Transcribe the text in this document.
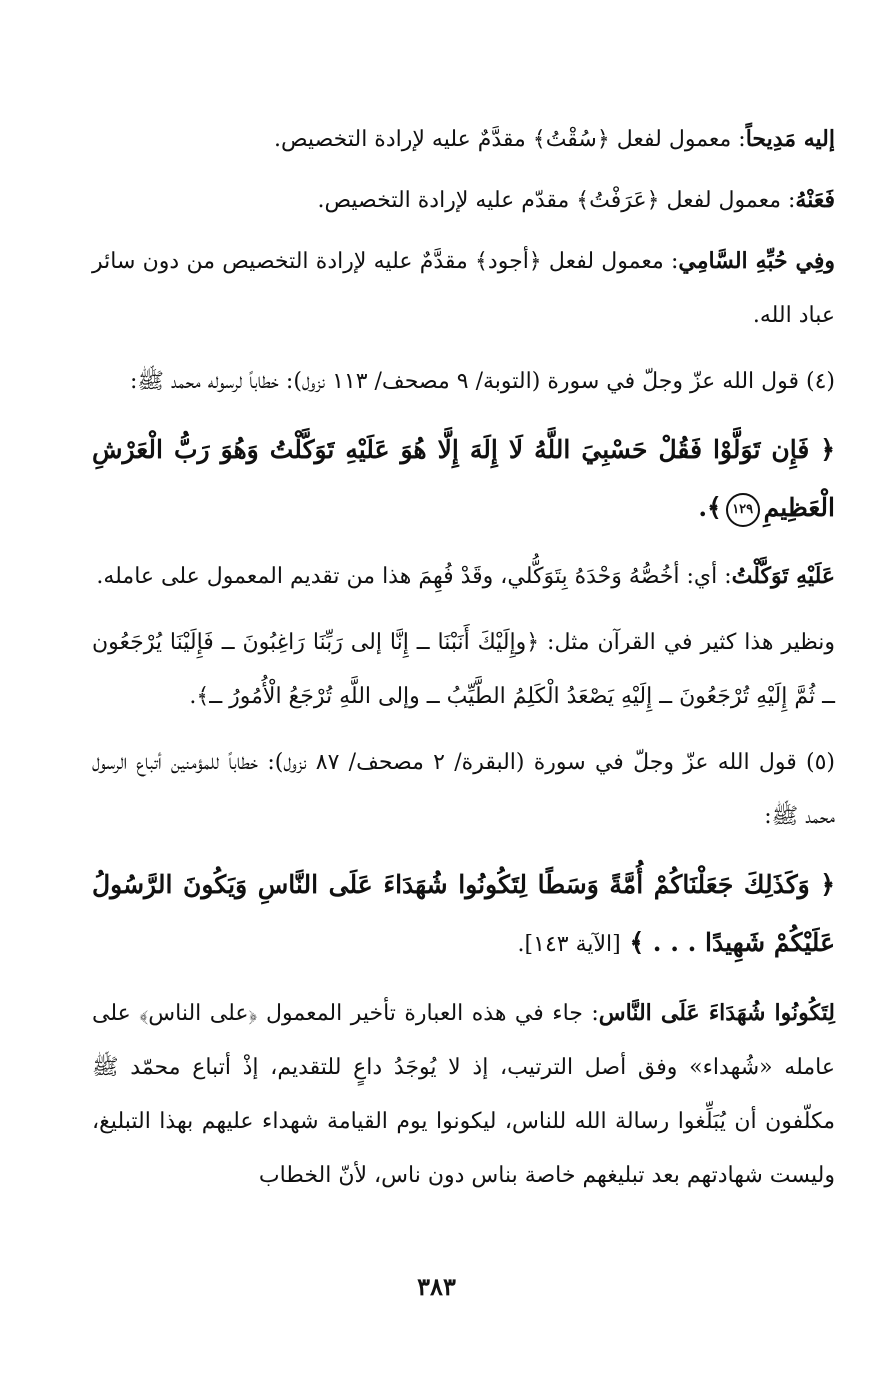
إليه مَدِيحاً: معمول لفعل ﴿سُقْتُ﴾ مقدَّمٌ عليه لإرادة التخصيص.

فَعَنْهُ: معمول لفعل ﴿عَرَفْتُ﴾ مقدّم عليه لإرادة التخصيص.

وفِي حُبِّهِ السَّامِي: معمول لفعل ﴿أجود﴾ مقدَّمٌ عليه لإرادة التخصيص من دون سائر عباد الله.

(٤) قول الله عزّ وجلّ في سورة (التوبة/ ٩ مصحف/ ١١٣ نزول): خطاباً لرسوله محمد ﷺ:

﴿ فَإِن تَوَلَّوْا فَقُلْ حَسْبِيَ اللَّهُ لَا إِلَهَ إِلَّا هُوَ عَلَيْهِ تَوَكَّلْتُ وَهُوَ رَبُّ الْعَرْشِ الْعَظِيمِ١٢٩﴾.

عَلَيْهِ تَوَكَّلْتُ: أي: أخُصُّهُ وَحْدَهُ بِتَوَكُّلي، وقَدْ فُهِمَ هذا من تقديم المعمول على عامله.

ونظير هذا كثير في القرآن مثل: ﴿وإِلَيْكَ أَنَبْنَا ــ إِنَّا إلى رَبِّنَا رَاغِبُونَ ــ فَإِلَيْنَا يُرْجَعُون ــ ثُمَّ إِلَيْهِ تُرْجَعُونَ ــ إِلَيْهِ يَصْعَدُ الْكَلِمُ الطَّيِّبُ ــ وإلى اللَّهِ تُرْجَعُ الْأُمُورُ ــ﴾.

(٥) قول الله عزّ وجلّ في سورة (البقرة/ ٢ مصحف/ ٨٧ نزول): خطاباً للمؤمنين أتباع الرسول محمد ﷺ:

﴿ وَكَذَلِكَ جَعَلْنَاكُمْ أُمَّةً وَسَطًا لِتَكُونُوا شُهَدَاءَ عَلَى النَّاسِ وَيَكُونَ الرَّسُولُ عَلَيْكُمْ شَهِيدًا . . . ﴾ [الآية ١٤٣].

لِتَكُونُوا شُهَدَاءَ عَلَى النَّاس: جاء في هذه العبارة تأخير المعمول ﴿على الناس﴾ على عامله «شُهداء» وفق أصل الترتيب، إذ لا يُوجَدُ داعٍ للتقديم، إذْ أتباع محمّد ﷺ مكلّفون أن يُبَلِّغوا رسالة الله للناس، ليكونوا يوم القيامة شهداء عليهم بهذا التبليغ، وليست شهادتهم بعد تبليغهم خاصة بناس دون ناس، لأنّ الخطاب

٣٨٣
